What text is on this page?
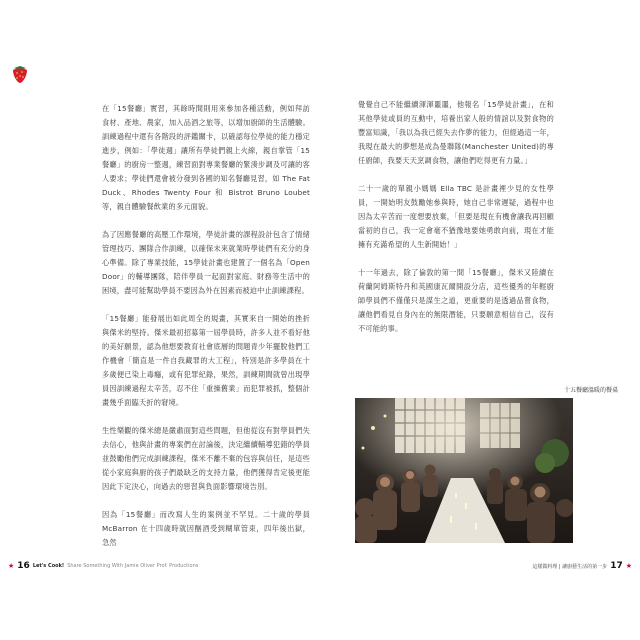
在「15餐廳」實習，其餘時間則用來參加各種活動，例如拜訪食材、產地、農家，加入品酒之旅等，以增加廚師的生活體驗。訓練過程中還有各階段的評鑑關卡，以確認每位學徒的能力穩定進步，例如：「學徒週」讓所有學徒們親上火線，親自掌管「15餐廳」的廚房一整週，練習面對專業餐廳的緊湊步調及可讓的客人要求；學徒們還會被分發到各國的知名餐廳見習，如 The Fat Duck、Rhodes Twenty Four 和 Bistrot Bruno Loubet 等，親自體驗餐飲業的多元面貌。

為了因應餐廳的高壓工作環境，學徒計畫的課程設計包含了情緒管理技巧、團隊合作訓練，以確保未來就業時學徒們有充分的身心準備。除了專業技能，15學徒計畫也建置了一個名為「Open Door」的輔導團隊，陪伴學員一起面對家庭、財務等生活中的困境，盡可能幫助學員不要因為外在因素而被迫中止訓練課程。

「15餐廳」能發展出如此周全的規畫，其實來自一開始的挫折與傑米的堅持。傑米最初招募第一屆學員時，許多人並不看好他的美好願景，認為他想要教育社會底層的問題青少年擺脫他們工作機會「簡直是一件自我藏罪的大工程」，特別是許多學員在十多歲便已染上毒癮，或有犯罪紀錄，果然，訓練期間就曾出現學員因訓練過程太辛苦，忍不住「重操舊業」而犯罪被抓，整個計畫幾乎面臨夭折的窘境。

生性樂觀的傑米總是嚴肅面對這些問題，但他從沒有對學員們失去信心，他與計畫的專案們在討論後，決定繼續輔導犯錯的學員並鼓勵他們完成訓練課程，傑米不離不棄的包容與信任，是這些從小家庭與廚的孩子們最缺乏的支持力量，他們獲得肯定後更能因此下定決心，向過去的惡習與負面影響環境告別。

因為「15餐廳」而改寫人生的案例並不罕見。二十歲的學員 McBarron 在十四歲時就因酗酒受到糊單管束，四年後出獄，急然

覺覺自己不能繼續渾渾噩噩，他報名「15學徒計畫」，在和其他學徒或員的互動中，培養出家人般的情誼以及對食物的豐富知識，「我以為我已經失去作夢的能力，但經過這一年，我現在最大的夢想是成為曼聯隊(Manchester United)的專任廚師，我要天天烹調食物，讓他們吃得更有力量。」

二十一歲的單親小媽媽 Ella TBC 是計畫裡少見的女性學員，一開始明友鼓勵她參與時，她自己非常遲疑，過程中也因為太辛苦而一度想要放棄，「但要是現在有機會讓我再回顧當初的自己，我一定會毫不猶豫地要她勇敢向前，現在才能擁有充滿希望的人生新開始！」

十一年過去，除了倫敦的第一間「15餐廳」，傑米又陸續在荷蘭阿姆斯特丹和英國康瓦爾開設分店，這些優秀的年輕廚師學員們不僅僅只是謀生之道，更重要的是透過品嘗食物，讓他們看見自身內在的無限潛能，只要願意相信自己，沒有不可能的事。

十五餐廳溫暖的餐桌
★ 16 Let's Cook! Share Something With Jamie Oliver Prof. Productions	這樣做料理 | 讓廚藝生活的第一步 17 ★
